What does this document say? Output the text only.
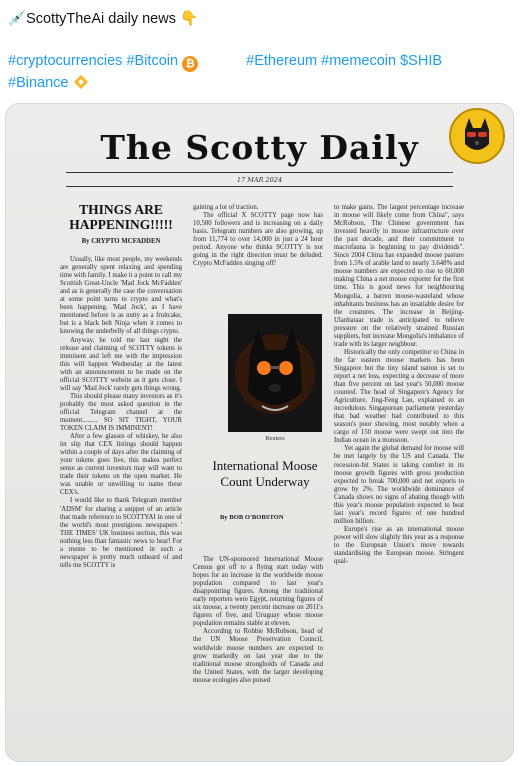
💉ScottyTheAi daily news 👇
#cryptocurrencies #Bitcoin ₿	#Ethereum #memecoin $SHIB
#Binance
The Scotty Daily
17 MAR 2024
THINGS ARE HAPPENING!!!!!
By CRYPTO MCFADDEN

Usually, like most people, my weekends are generally spent relaxing and spending time with family. I make it a point to call my Scottish Great-Uncle 'Mad Jock McFadden' and as is generally the case the conversation at some point turns to crypto and what's been happening. 'Mad Jock', as I have mentioned before is as nutty as a fruitcake, but is a black belt Ninja when it comes to knowing the underbelly of all things crypto.

Anyway, he told me last night the release and claiming of SCOTTY tokens is imminent and left me with the impression this will happen Wednesday at the latest with an announcement to be made on the official SCOTTY website as it gets close. I will say 'Mad Jock' rarely gets things wrong.

This should please many investors as it's probably the most asked question in the official Telegram channel at the moment......... SO SIT TIGHT, YOUR TOKEN CLAIM IS IMMINENT!

After a few glasses of whiskey, he also let slip that CEX listings should happen within a couple of days after the claiming of your tokens goes live, this makes perfect sense as current investors may will want to trade their tokens on the open market. He was unable or unwilling to name these CEX's.

I would like to thank Telegram member 'ADSM' for sharing a snippet of an article that made reference to SCOTTYAI in one of the world's most prestigious newspapers ' THE TIMES' UK business section, this was nothing less than fantastic news to hear! For a meme to be mentioned in such a newspaper is pretty much unheard of and tells me SCOTTY is

gaining a lot of traction.

The official X SCOTTY page now has 10,500 followers and is increasing on a daily basis. Telegram numbers are also growing, up from 11,774 to over 14,000 in just a 24 hour period. Anyone who thinks SCOTTY is not going in the right direction must be deluded. Crypto McFadden singing off!

Reuters
International Moose Count Underway
By BOB O'BOBSTON

The UN-sponsored International Moose Census got off to a flying start today with hopes for an increase in the worldwide moose population compared to last year's disappointing figures. Among the traditional early reporters were Egypt, returning figures of six moose, a twenty percent increase on 2011's figures of five, and Uruguay whose moose population remains stable at eleven.

According to Robbie McRobson, head of the UN Moose Preservation Council, worldwide moose numbers are expected to grow markedly on last year due to the traditional moose strongholds of Canada and the United States, with the larger developing moose ecologies also poised

to make gains. The largest percentage increase in moose will likely come from China", says McRobson, The Chinese government has invested heavily in moose infrastructure over the past decade, and their commitment to macrofauna is beginning to pay dividends". Since 2004 China has expanded moose pasture from 1.5% of arable land to nearly 3.648% and moose numbers are expected to rise to 60,000 making China a net moose exporter for the first time. This is good news for neighbouring Mongolia, a barren moose-wasteland whose inhabitants business has an insatiable desire for the creatures. The increase in Beijing-Ulanbataar trade is anticipated to relieve pressure on the relatively strained Russian suppliers, but increase Mongolia's imbalance of trade with its larger neighbour.

Historically the only competitor to China in the far eastern moose markets has been Singapore but the tiny island nation is set to report a net loss, expecting a decrease of more than five percent on last year's 50,000 moose counted. The head of Singapore's Agency for Agriculture, Jing-Feng Lau, explained to an incredulous Singaporean parliament yesterday that bad weather had contributed to this season's poor showing, most notably when a cargo of 150 moose were swept out into the Indian ocean in a monsoon.

Yet again the global demand for moose will be met largely by the US and Canada. The recession-hit States is taking comfort in its moose growth figures with gross production expected to break 700,000 and net exports to grow by 2%. The worldwide dominance of Canada shows no signs of abating though with this year's moose population expected to beat last year's record figures of one hundred million billion.

Europe's rise as an international moose power will slow slightly this year as a response to the European Union's move towards standardising the European moose. Stringent qual-
